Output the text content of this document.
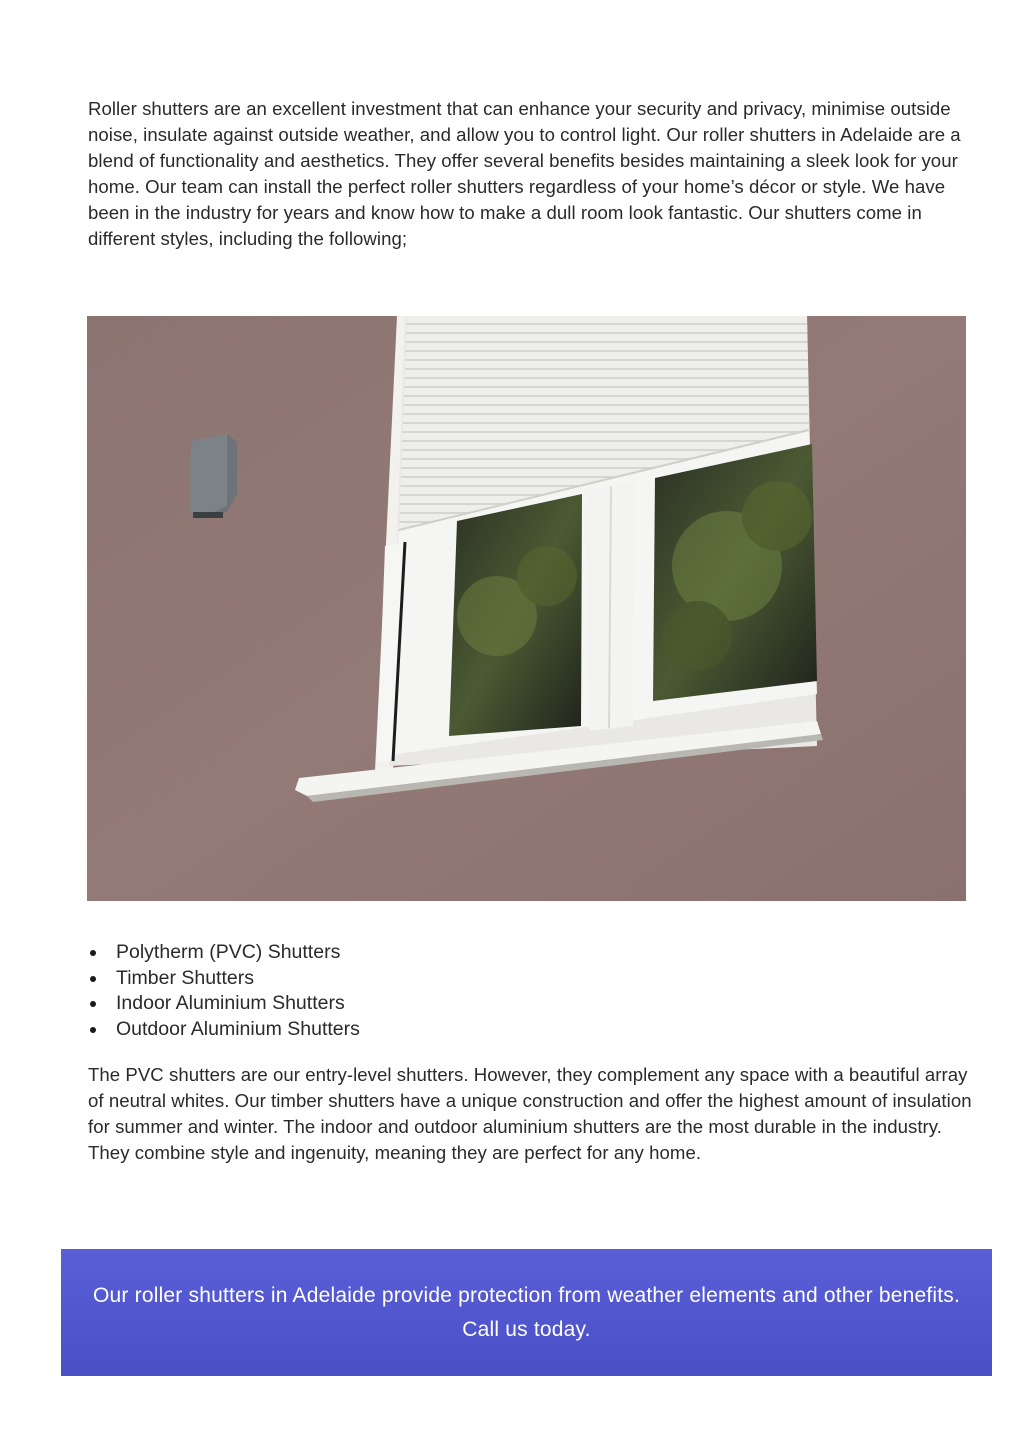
Roller shutters are an excellent investment that can enhance your security and privacy, minimise outside noise, insulate against outside weather, and allow you to control light. Our roller shutters in Adelaide are a blend of functionality and aesthetics. They offer several benefits besides maintaining a sleek look for your home. Our team can install the perfect roller shutters regardless of your home’s décor or style. We have been in the industry for years and know how to make a dull room look fantastic. Our shutters come in different styles, including the following;

Polytherm (PVC) Shutters
Timber Shutters
Indoor Aluminium Shutters
Outdoor Aluminium Shutters

The PVC shutters are our entry-level shutters. However, they complement any space with a beautiful array of neutral whites. Our timber shutters have a unique construction and offer the highest amount of insulation for summer and winter. The indoor and outdoor aluminium shutters are the most durable in the industry. They combine style and ingenuity, meaning they are perfect for any home.

Our roller shutters in Adelaide provide protection from weather elements and other benefits. Call us today.
